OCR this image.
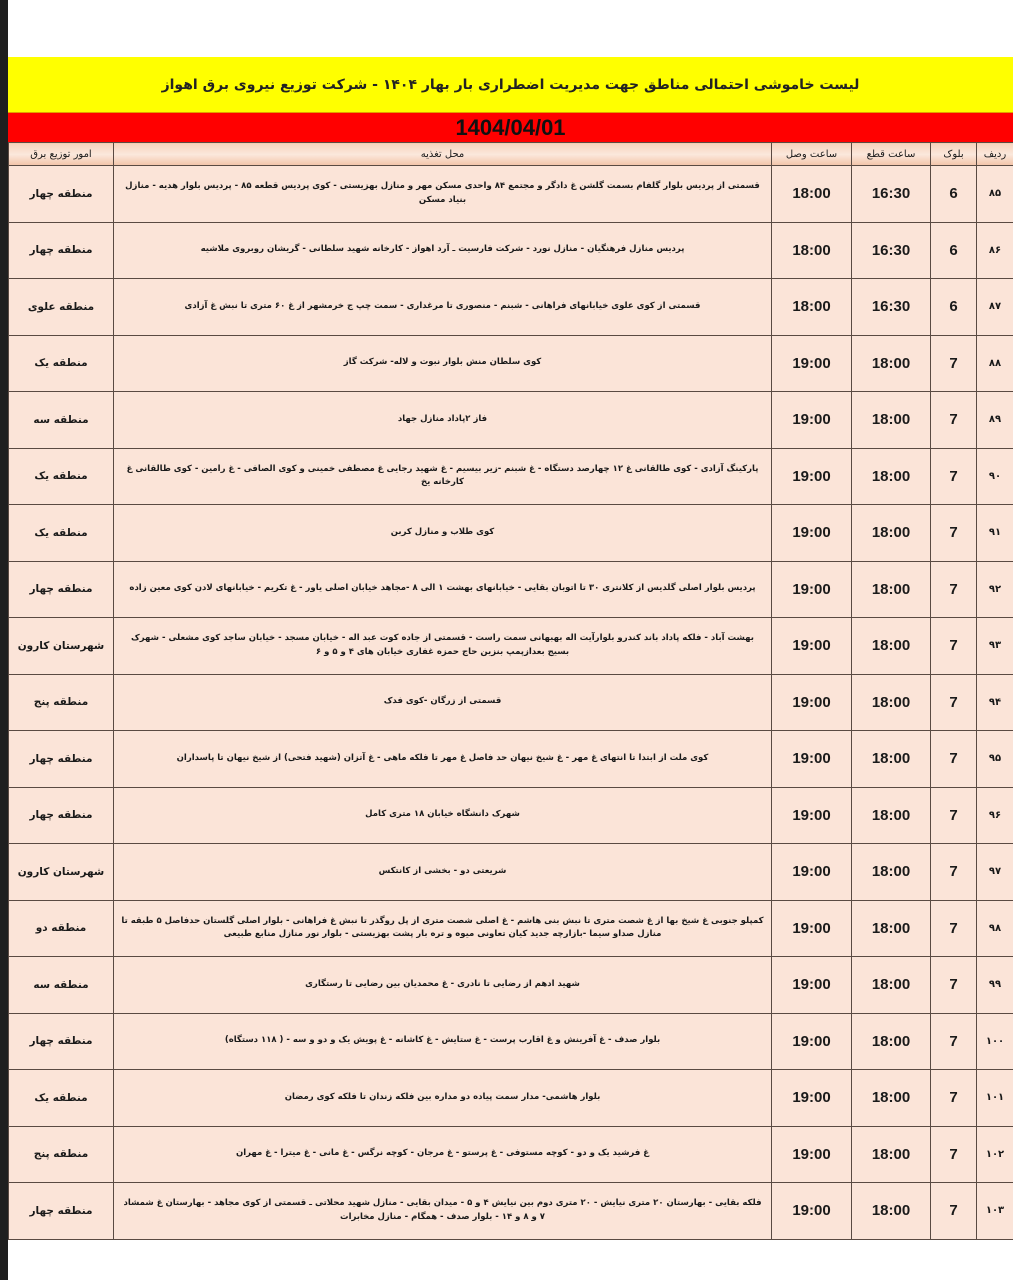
لیست خاموشی احتمالی مناطق جهت مدیریت اضطراری بار بهار ۱۴۰۴ - شرکت توزیع نیروی برق اهواز
1404/04/01
ردیف	بلوک	ساعت قطع	ساعت وصل	محل تغذیه	امور توزیع برق
۸۵	6	16:30	18:00	قسمتی از پردیس بلوار گلفام بسمت گلشن غ دادگر و مجتمع ۸۴ واحدی مسکن مهر و منازل بهزیستی - کوی پردیس قطعه ۸۵ - پردیس بلوار هدیه - منازل بنیاد مسکن	منطقه چهار
۸۶	6	16:30	18:00	پردیس منازل فرهنگیان - منازل نورد - شرکت فارسیت ـ آرد اهواز - کارخانه شهید سلطانی - گریشان روبروی ملاشیه	منطقه چهار
۸۷	6	16:30	18:00	قسمتی از کوی علوی خیابانهای فراهانی - شبنم - منصوری تا مرغداری - سمت چپ ج خرمشهر از غ ۶۰ متری تا نبش غ آزادی	منطقه علوی
۸۸	7	18:00	19:00	کوی سلطان منش بلوار نبوت و لاله- شرکت گاز	منطقه یک
۸۹	7	18:00	19:00	فاز ۲پاداد منازل جهاد	منطقه سه
۹۰	7	18:00	19:00	پارکینگ آزادی - کوی طالقانی غ ۱۲ چهارصد دستگاه - غ شبنم -زیر بیسیم - غ شهید رجایی غ مصطفی خمینی و کوی الصافی - غ رامین - کوی طالقانی غ کارخانه یخ	منطقه یک
۹۱	7	18:00	19:00	کوی طلاب و منازل کربن	منطقه یک
۹۲	7	18:00	19:00	پردیس بلوار اصلی گلدیس از کلانتری ۳۰ تا اتوبان بقایی - خیابانهای بهشت ۱ الی ۸ -مجاهد خیابان اصلی یاور - غ تکریم - خیابانهای لادن کوی معین زاده	منطقه چهار
۹۳	7	18:00	19:00	بهشت آباد - فلکه پاداد باند کندرو بلوارآیت اله بهبهانی سمت راست - قسمتی از جاده کوت عبد اله - خیابان مسجد - خیابان ساجد کوی مشعلی - شهرک بسیج بعدازپمپ بنزین حاج حمزه غفاری خیابان های ۴ و ۵ و ۶	شهرستان کارون
۹۴	7	18:00	19:00	قسمتی از زرگان -کوی فدک	منطقه پنج
۹۵	7	18:00	19:00	کوی ملت از ابتدا تا انتهای غ مهر - غ شیخ نیهان حد فاصل غ مهر تا فلکه ماهی - غ آتزان (شهید فتحی) از شیخ نیهان تا پاسداران	منطقه چهار
۹۶	7	18:00	19:00	شهرک دانشگاه خیابان ۱۸ متری کامل	منطقه چهار
۹۷	7	18:00	19:00	شریعتی دو - بخشی از کانتکس	شهرستان کارون
۹۸	7	18:00	19:00	کمپلو جنوبی غ شیخ بها از غ شصت متری تا نبش بنی هاشم - غ اصلی شصت متری از پل روگذر تا نبش غ فراهانی - بلوار اصلی گلستان حدفاصل ۵ طبقه تا منازل صداو سیما -بازارچه جدید کیان تعاونی میوه و تره بار پشت بهزیستی - بلوار نور منازل منابع طبیعی	منطقه دو
۹۹	7	18:00	19:00	شهید ادهم از رضایی تا نادری - غ محمدیان بین رضایی تا رستگاری	منطقه سه
۱۰۰	7	18:00	19:00	بلوار صدف - غ آفرینش و غ اقارب پرست - غ ستایش - غ کاشانه - غ پویش یک و دو و سه - ( ۱۱۸ دستگاه)	منطقه چهار
۱۰۱	7	18:00	19:00	بلوار هاشمی- مدار سمت پیاده دو مداره بین فلکه زندان تا فلکه کوی رمضان	منطقه یک
۱۰۲	7	18:00	19:00	غ فرشید یک و دو - کوچه مستوفی - غ پرستو - غ مرجان - کوچه نرگس - غ مانی - غ میترا - غ مهران	منطقه پنج
۱۰۳	7	18:00	19:00	فلکه بقایی - بهارستان ۲۰ متری نیایش - ۲۰ متری دوم بین نیایش ۴ و ۵ - میدان بقایی - منازل شهید محلاتی ـ قسمتی از کوی مجاهد - بهارستان غ شمشاد ۷ و ۸ و ۱۴ - بلوار صدف - همگام - منازل مخابرات	منطقه چهار
